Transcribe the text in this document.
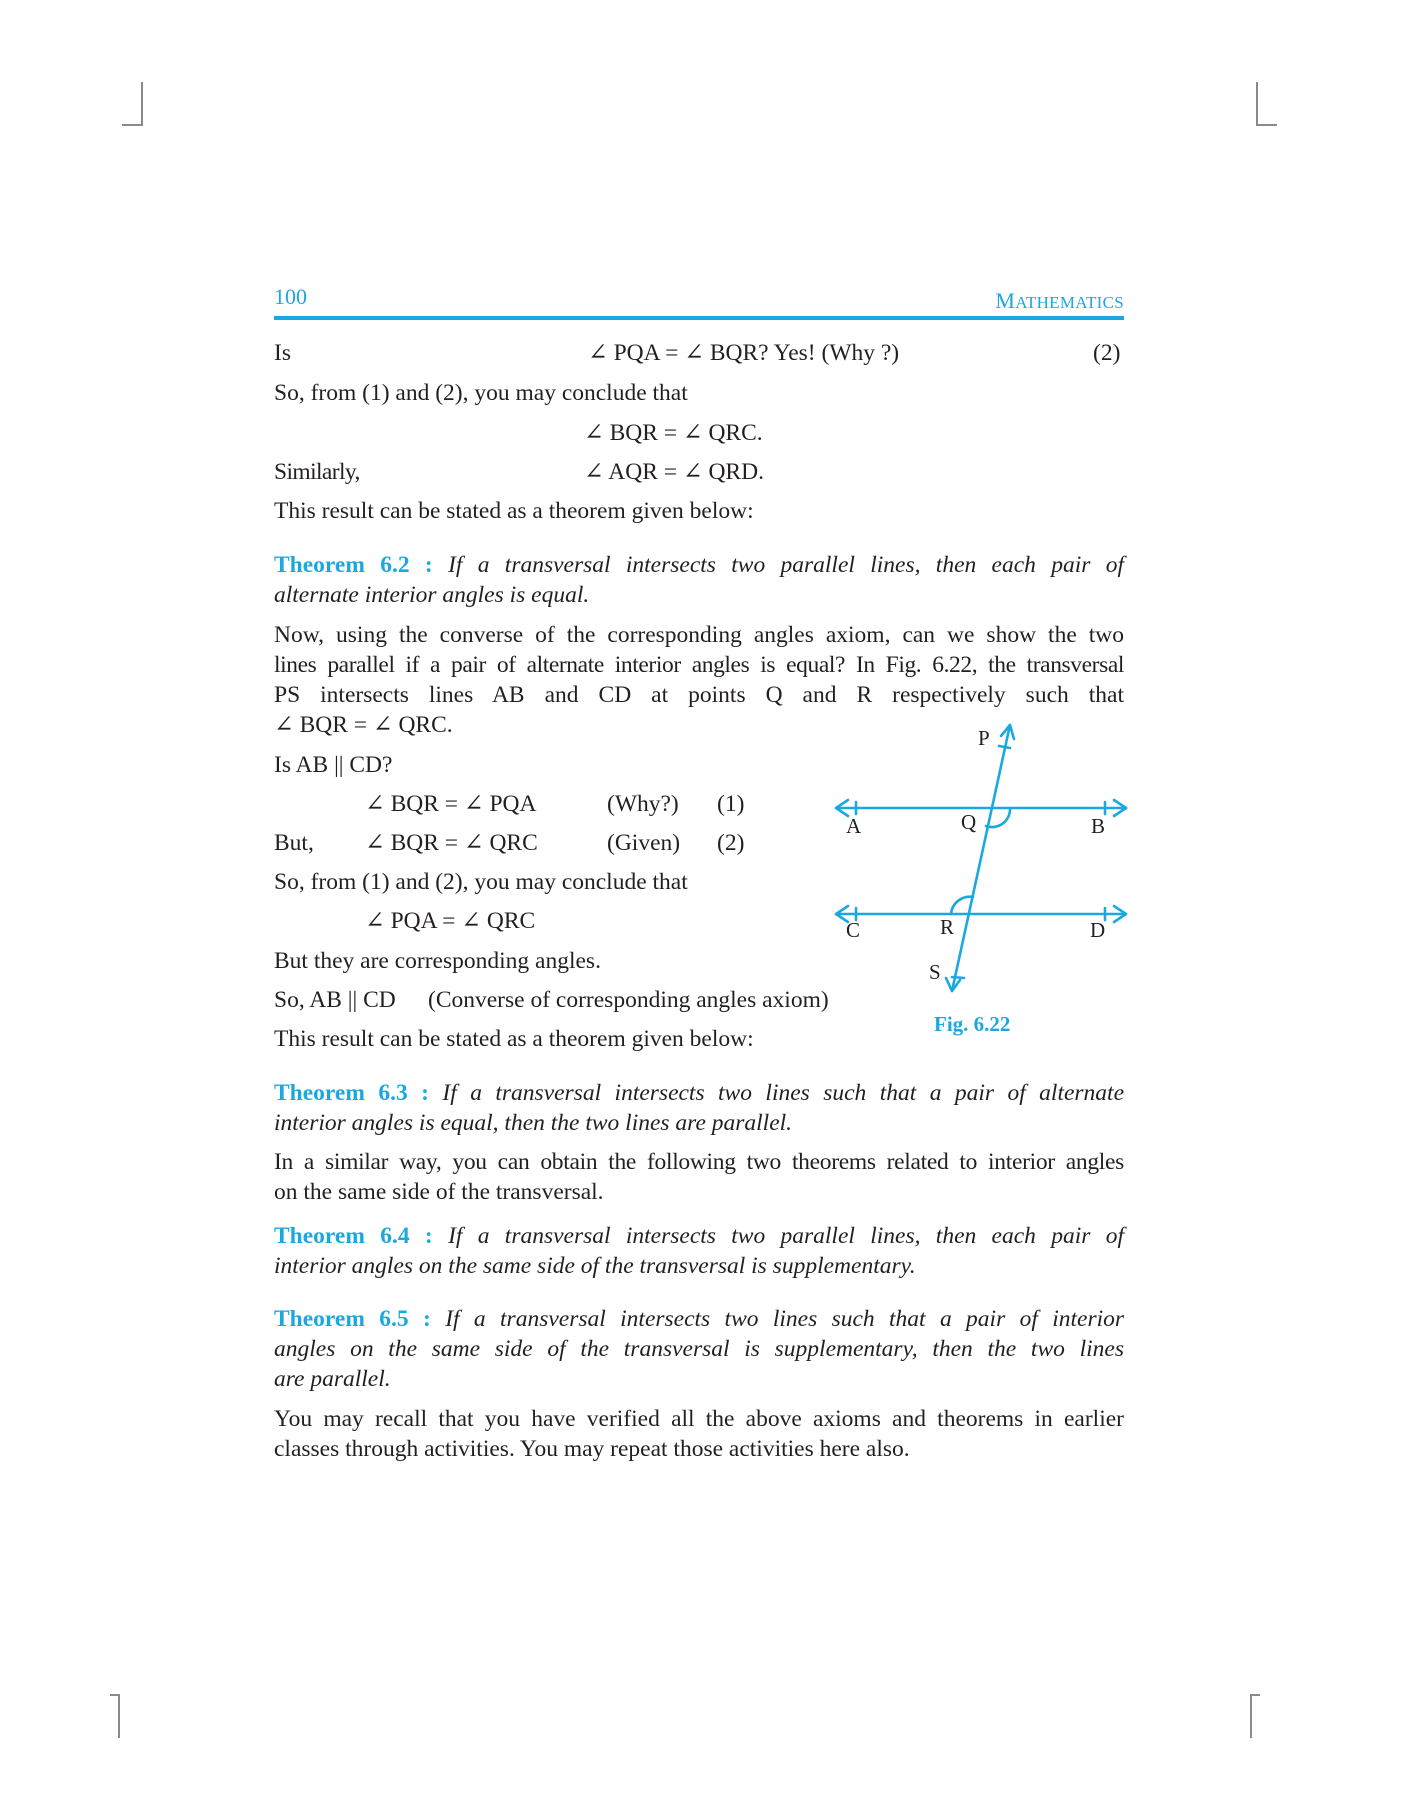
100	MATHEMATICS
Is	∠ PQA = ∠ BQR? Yes! (Why ?)	(2)
So, from (1) and (2), you may conclude that
∠ BQR = ∠ QRC.
Similarly,	∠ AQR = ∠ QRD.
This result can be stated as a theorem given below:
Theorem 6.2 : If a transversal intersects two parallel lines, then each pair of
alternate interior angles is equal.
Now, using the converse of the corresponding angles axiom, can we show the two
lines parallel if a pair of alternate interior angles is equal? In Fig. 6.22, the transversal
PS intersects lines AB and CD at points Q and R respectively such that
∠ BQR = ∠ QRC.
Is AB || CD?
∠ BQR = ∠ PQA	(Why?) (1)
But, ∠ BQR = ∠ QRC	(Given) (2)
So, from (1) and (2), you may conclude that
∠ PQA = ∠ QRC
But they are corresponding angles.
So, AB || CD (Converse of corresponding angles axiom)
This result can be stated as a theorem given below:
P
A	Q	B
C	R	D
S
Fig. 6.22
Theorem 6.3 : If a transversal intersects two lines such that a pair of alternate
interior angles is equal, then the two lines are parallel.
In a similar way, you can obtain the following two theorems related to interior angles
on the same side of the transversal.
Theorem 6.4 : If a transversal intersects two parallel lines, then each pair of
interior angles on the same side of the transversal is supplementary.
Theorem 6.5 : If a transversal intersects two lines such that a pair of interior
angles on the same side of the transversal is supplementary, then the two lines
are parallel.
You may recall that you have verified all the above axioms and theorems in earlier
classes through activities. You may repeat those activities here also.
